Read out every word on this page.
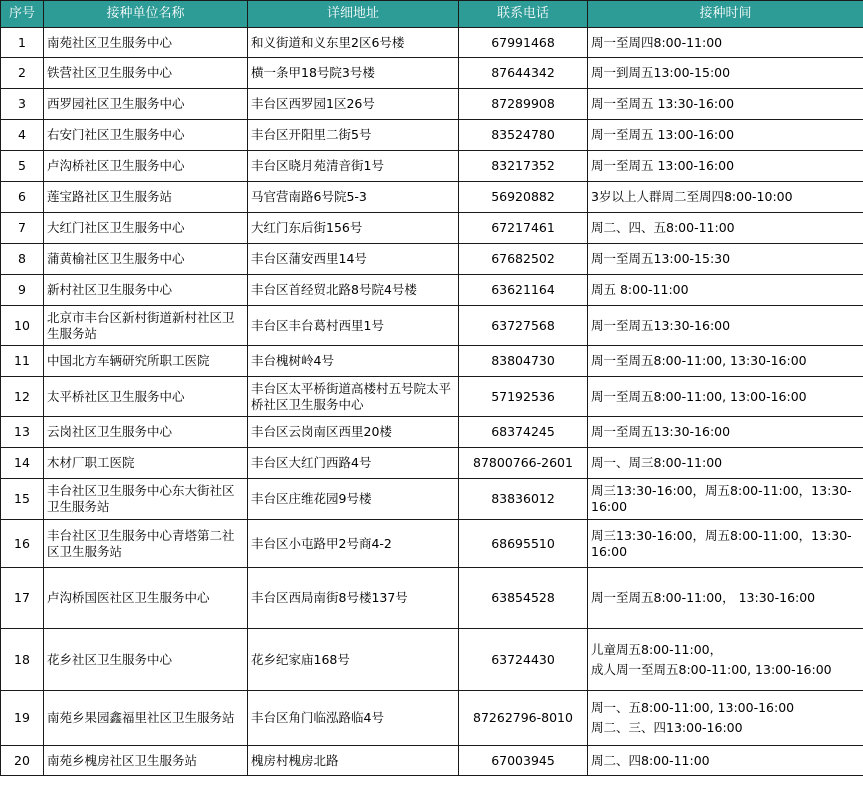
序号	接种单位名称	详细地址	联系电话	接种时间
1	南苑社区卫生服务中心	和义街道和义东里2区6号楼	67991468	周一至周四8:00-11:00

2	铁营社区卫生服务中心	横一条甲18号院3号楼	87644342	周一到周五13:00-15:00

3	西罗园社区卫生服务中心	丰台区西罗园1区26号	87289908	周一至周五 13:30-16:00

4	右安门社区卫生服务中心	丰台区开阳里二街5号	83524780	周一至周五 13:00-16:00

5	卢沟桥社区卫生服务中心	丰台区晓月苑清音街1号	83217352	周一至周五 13:00-16:00

6	莲宝路社区卫生服务站	马官营南路6号院5-3	56920882	3岁以上人群周二至周四8:00-10:00

7	大红门社区卫生服务中心	大红门东后街156号	67217461	周二、四、五8:00-11:00

8	蒲黄榆社区卫生服务中心	丰台区蒲安西里14号	67682502	周一至周五13:00-15:30

9	新村社区卫生服务中心	丰台区首经贸北路8号院4号楼	63621164	周五 8:00-11:00

10	北京市丰台区新村街道新村社区卫生服务站	丰台区丰台葛村西里1号	63727568	周一至周五13:30-16:00

11	中国北方车辆研究所职工医院	丰台槐树岭4号	83804730	周一至周五8:00-11:00, 13:30-16:00

12	太平桥社区卫生服务中心	丰台区太平桥街道高楼村五号院太平桥社区卫生服务中心	57192536	周一至周五8:00-11:00, 13:00-16:00

13	云岗社区卫生服务中心	丰台区云岗南区西里20楼	68374245	周一至周五13:30-16:00

14	木材厂职工医院	丰台区大红门西路4号	87800766-2601	周一、周三8:00-11:00

15	丰台社区卫生服务中心东大街社区卫生服务站	丰台区庄维花园9号楼	83836012	周三13:30-16:00，周五8:00-11:00，13:30-16:00

16	丰台社区卫生服务中心青塔第二社区卫生服务站	丰台区小屯路甲2号商4-2	68695510	周三13:30-16:00，周五8:00-11:00，13:30-16:00

17	卢沟桥国医社区卫生服务中心	丰台区西局南街8号楼137号	63854528	周一至周五8:00-11:00， 13:30-16:00

18	花乡社区卫生服务中心	花乡纪家庙168号	63724430	儿童周五8:00-11:00，
成人周一至周五8:00-11:00, 13:00-16:00

19	南苑乡果园鑫福里社区卫生服务站	丰台区角门临泓路临4号	87262796-8010	周一、五8:00-11:00, 13:00-16:00
周二、三、四13:00-16:00

20	南苑乡槐房社区卫生服务站	槐房村槐房北路	67003945	周二、四8:00-11:00
